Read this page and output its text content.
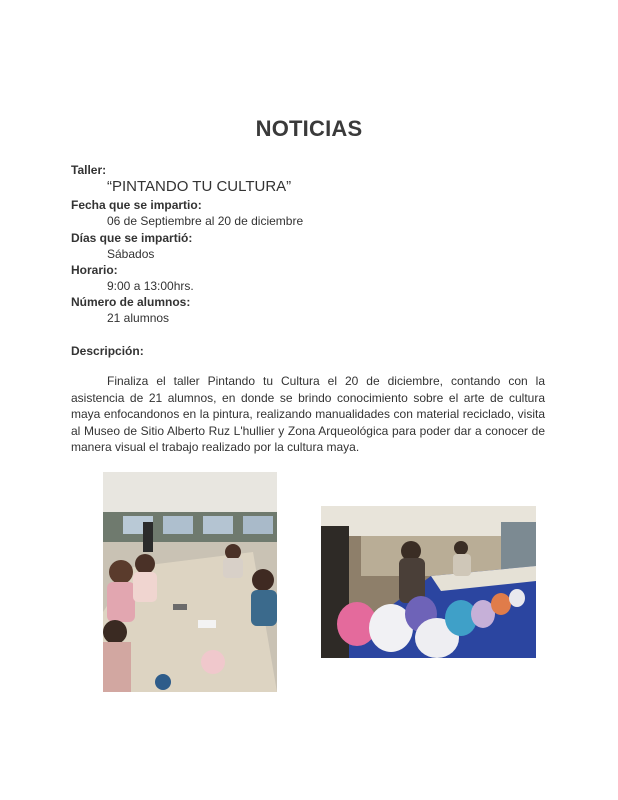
NOTICIAS
Taller:
“PINTANDO TU CULTURA”
Fecha que se impartio:
06 de Septiembre al 20 de diciembre
Días que se impartió:
Sábados
Horario:
9:00 a 13:00hrs.
Número de alumnos:
21 alumnos
Descripción:

Finaliza el taller Pintando tu Cultura el 20 de diciembre, contando con la asistencia de 21 alumnos, en donde se brindo conocimiento sobre el arte de cultura maya enfocandonos en la pintura, realizando manualidades con material reciclado, visita al Museo de Sitio Alberto Ruz L'hullier y Zona Arqueológica para poder dar a conocer de manera visual el trabajo realizado por la cultura maya.
